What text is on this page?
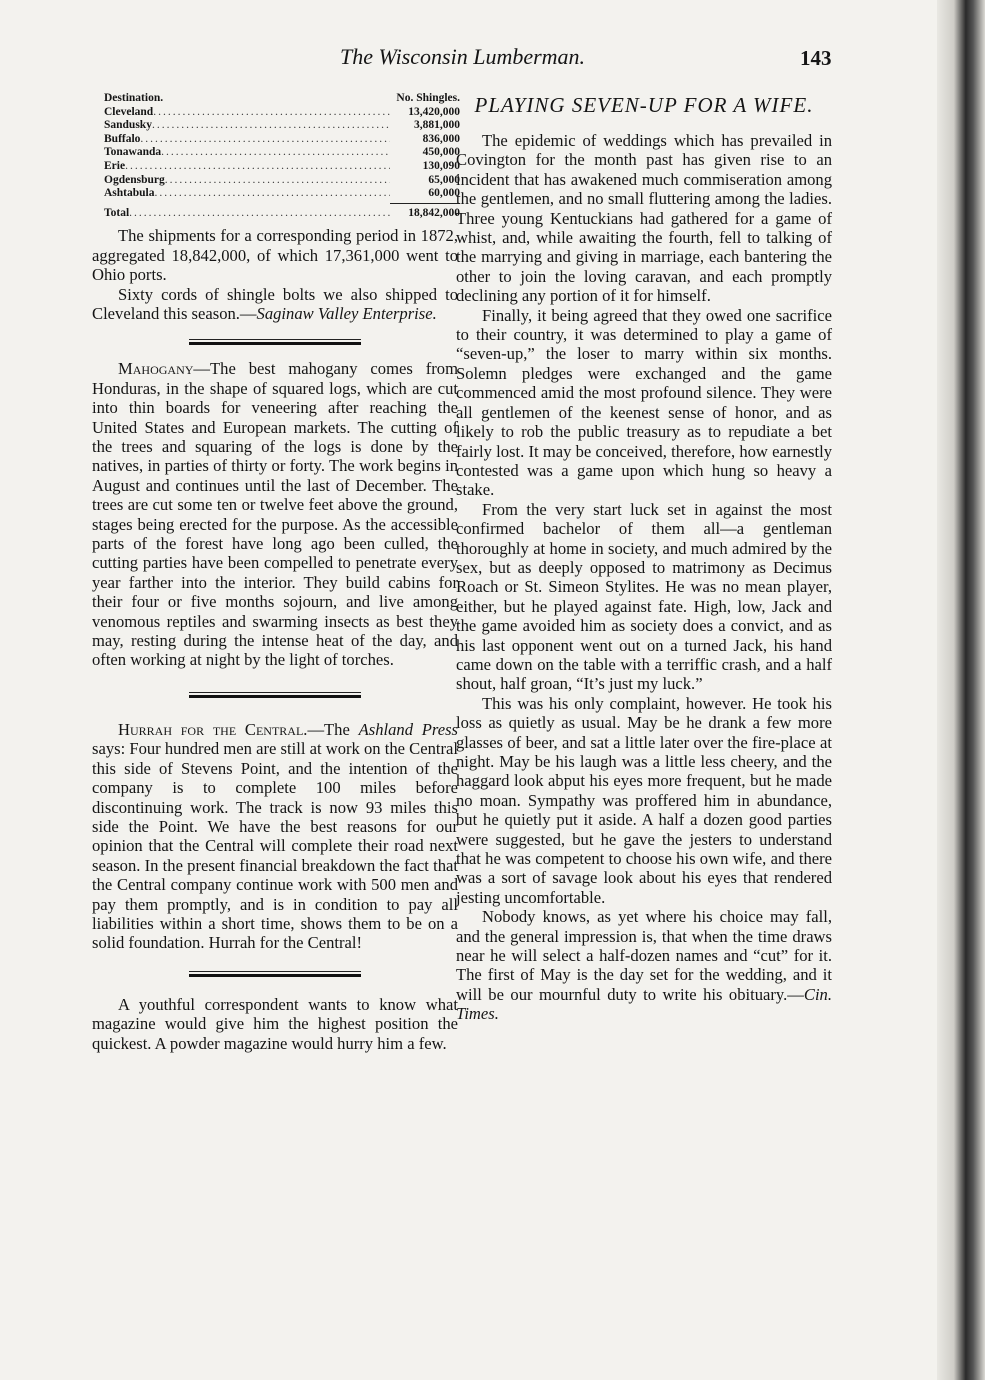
The Wisconsin Lumberman.	143
Destination.	No. Shingles.
Cleveland .....	13,420,000
Sandusky .....	3,881,000
Buffalo .....	836,000
Tonawanda .....	450,000
Erie .....	130,090
Ogdensburg .....	65,000
Ashtabula .....	60,000
Total .....	18,842,000

The shipments for a corresponding period in 1872, aggregated 18,842,000, of which 17,361,000 went to Ohio ports.

Sixty cords of shingle bolts we also shipped to Cleveland this season.—Saginaw Valley Enterprise.

Mahogany—The best mahogany comes from Honduras, in the shape of squared logs, which are cut into thin boards for veneering after reaching the United States and European markets. The cutting of the trees and squaring of the logs is done by the natives, in parties of thirty or forty. The work begins in August and continues until the last of December. The trees are cut some ten or twelve feet above the ground, stages being erected for the purpose. As the accessible parts of the forest have long ago been culled, the cutting parties have been compelled to penetrate every year farther into the interior. They build cabins for their four or five months sojourn, and live among venomous reptiles and swarming insects as best they may, resting during the intense heat of the day, and often working at night by the light of torches.

Hurrah for the Central.—The Ashland Press says: Four hundred men are still at work on the Central this side of Stevens Point, and the intention of the company is to complete 100 miles before discontinuing work. The track is now 93 miles this side the Point. We have the best reasons for our opinion that the Central will complete their road next season. In the present financial breakdown the fact that the Central company continue work with 500 men and pay them promptly, and is in condition to pay all liabilities within a short time, shows them to be on a solid foundation. Hurrah for the Central!

A youthful correspondent wants to know what magazine would give him the highest position the quickest. A powder magazine would hurry him a few.

PLAYING SEVEN-UP FOR A WIFE.

The epidemic of weddings which has prevailed in Covington for the month past has given rise to an incident that has awakened much commiseration among the gentlemen, and no small fluttering among the ladies. Three young Kentuckians had gathered for a game of whist, and, while awaiting the fourth, fell to talking of the marrying and giving in marriage, each bantering the other to join the loving caravan, and each promptly declining any portion of it for himself.

Finally, it being agreed that they owed one sacrifice to their country, it was determined to play a game of “seven-up,” the loser to marry within six months. Solemn pledges were exchanged and the game commenced amid the most profound silence. They were all gentlemen of the keenest sense of honor, and as likely to rob the public treasury as to repudiate a bet fairly lost. It may be conceived, therefore, how earnestly contested was a game upon which hung so heavy a stake.

From the very start luck set in against the most confirmed bachelor of them all—a gentleman thoroughly at home in society, and much admired by the sex, but as deeply opposed to matrimony as Decimus Roach or St. Simeon Stylites. He was no mean player, either, but he played against fate. High, low, Jack and the game avoided him as society does a convict, and as his last opponent went out on a turned Jack, his hand came down on the table with a terriffic crash, and a half shout, half groan, “It’s just my luck.”

This was his only complaint, however. He took his loss as quietly as usual. May be he drank a few more glasses of beer, and sat a little later over the fire-place at night. May be his laugh was a little less cheery, and the haggard look abput his eyes more frequent, but he made no moan. Sympathy was proffered him in abundance, but he quietly put it aside. A half a dozen good parties were suggested, but he gave the jesters to understand that he was competent to choose his own wife, and there was a sort of savage look about his eyes that rendered jesting uncomfortable.

Nobody knows, as yet where his choice may fall, and the general impression is, that when the time draws near he will select a half-dozen names and “cut” for it. The first of May is the day set for the wedding, and it will be our mournful duty to write his obituary.—Cin. Times.
